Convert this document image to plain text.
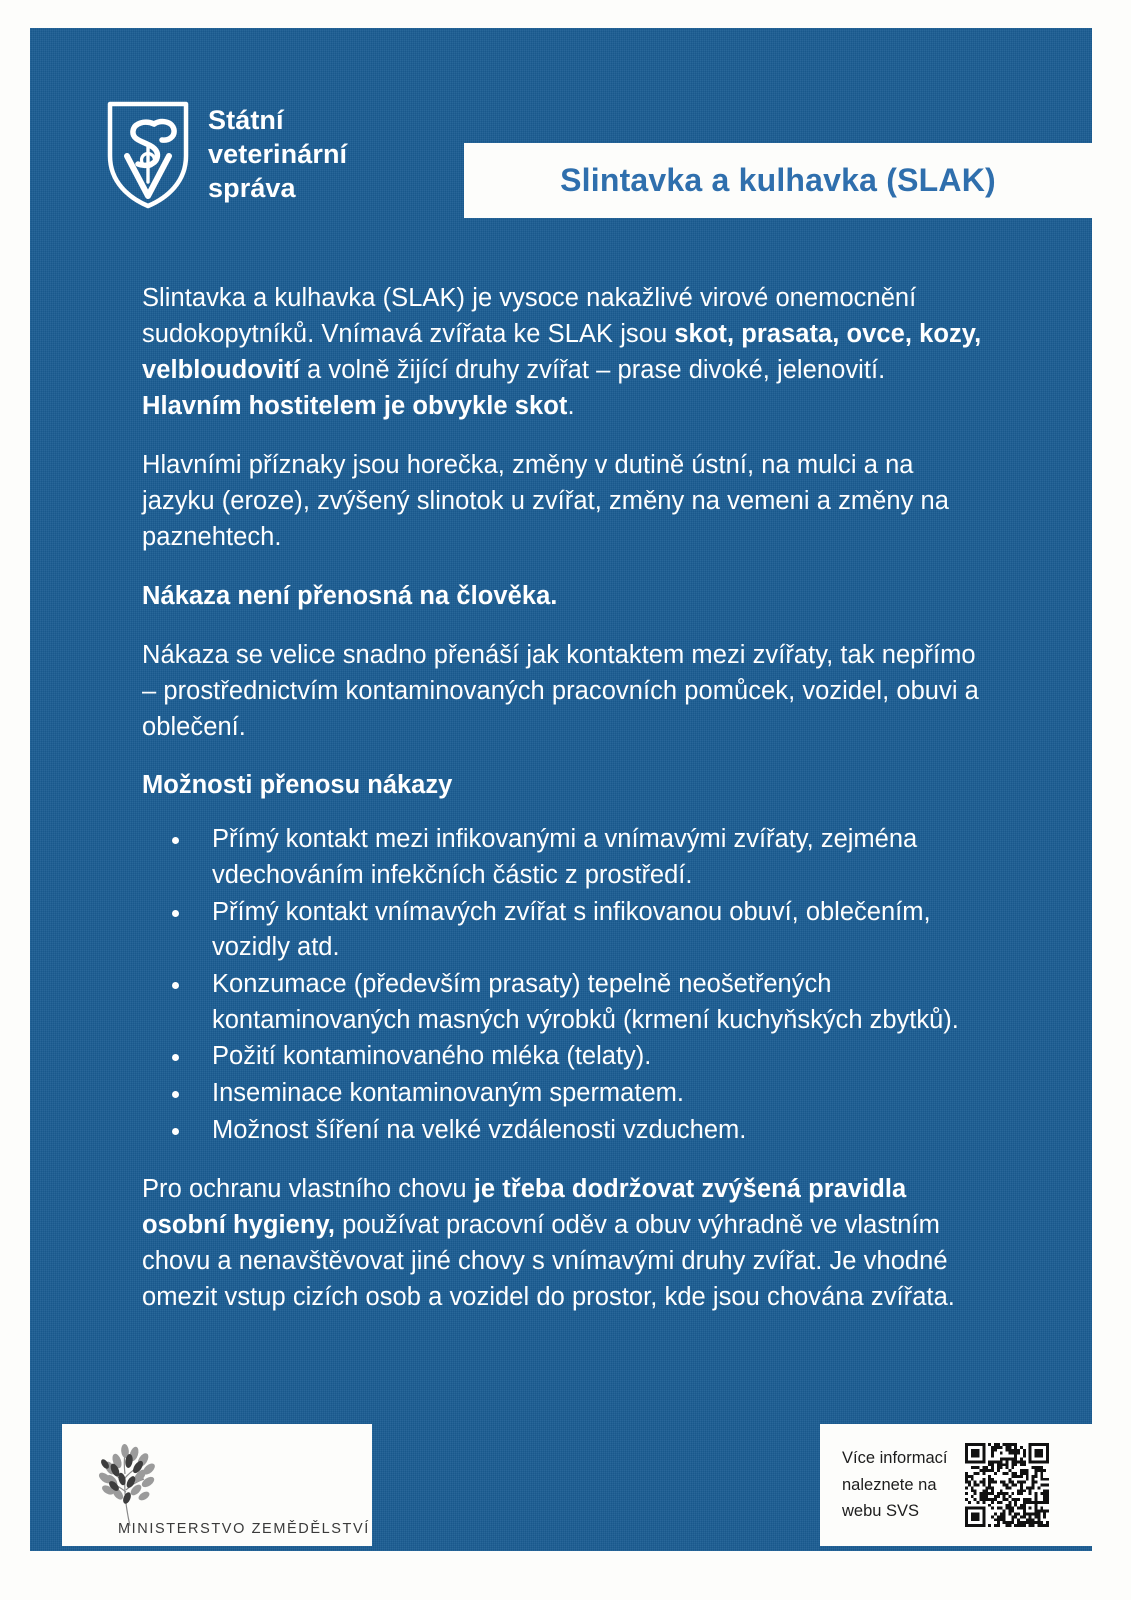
Státní
veterinární
správa	Slintavka a kulhavka (SLAK)

Slintavka a kulhavka (SLAK) je vysoce nakažlivé virové onemocnění sudokopytníků. Vnímavá zvířata ke SLAK jsou skot, prasata, ovce, kozy, velbloudovití a volně žijící druhy zvířat – prase divoké, jelenovití. Hlavním hostitelem je obvykle skot.

Hlavními příznaky jsou horečka, změny v dutině ústní, na mulci a na jazyku (eroze), zvýšený slinotok u zvířat, změny na vemeni a změny na paznehtech.

Nákaza není přenosná na člověka.

Nákaza se velice snadno přenáší jak kontaktem mezi zvířaty, tak nepřímo – prostřednictvím kontaminovaných pracovních pomůcek, vozidel, obuvi a oblečení.

Možnosti přenosu nákazy

Přímý kontakt mezi infikovanými a vnímavými zvířaty, zejména vdechováním infekčních částic z prostředí.
Přímý kontakt vnímavých zvířat s infikovanou obuví, oblečením, vozidly atd.
Konzumace (především prasaty) tepelně neošetřených kontaminovaných masných výrobků (krmení kuchyňských zbytků).
Požití kontaminovaného mléka (telaty).
Inseminace kontaminovaným spermatem.
Možnost šíření na velké vzdálenosti vzduchem.

Pro ochranu vlastního chovu je třeba dodržovat zvýšená pravidla osobní hygieny, používat pracovní oděv a obuv výhradně ve vlastním chovu a nenavštěvovat jiné chovy s vnímavými druhy zvířat. Je vhodné omezit vstup cizích osob a vozidel do prostor, kde jsou chována zvířata.

MINISTERSTVO ZEMĚDĚLSTVÍ
Více informací
naleznete na
webu SVS
